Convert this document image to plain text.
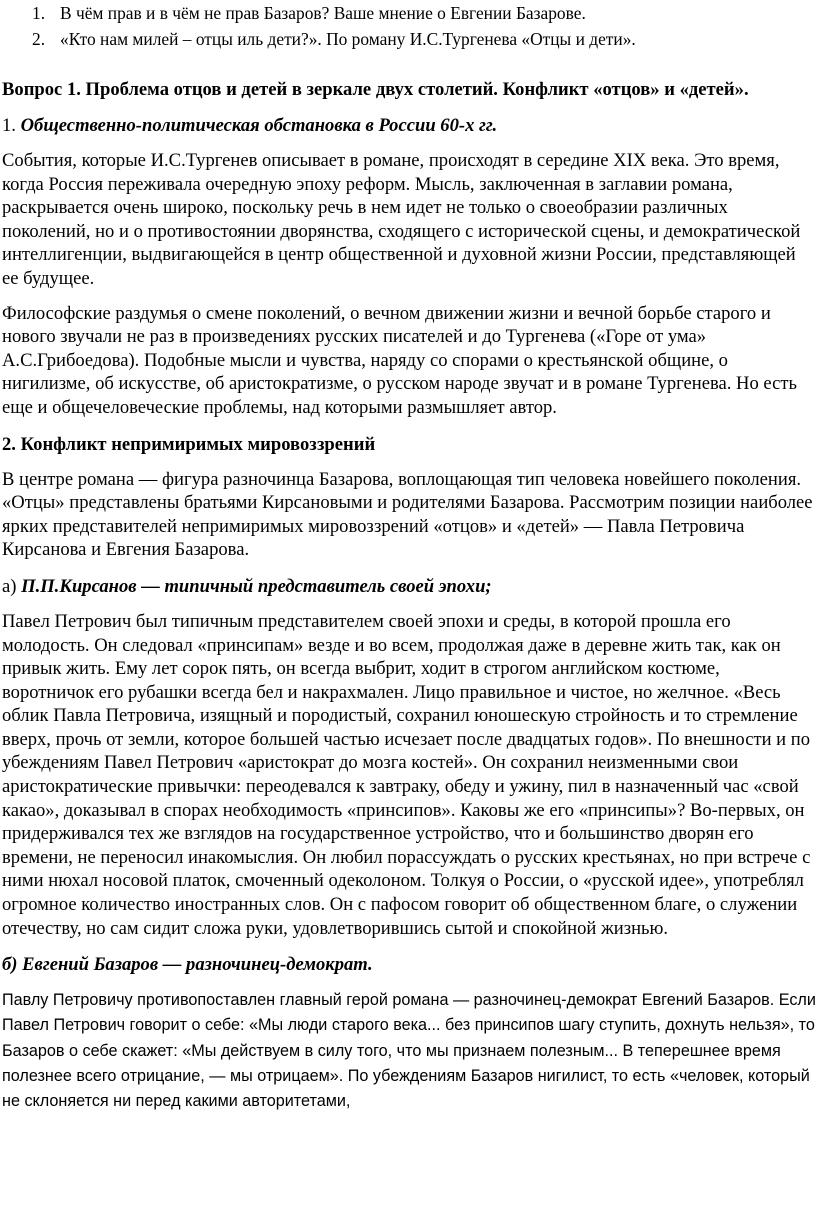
1. В чём прав и в чём не прав Базаров? Ваше мнение о Евгении Базарове.
2. «Кто нам милей – отцы иль дети?». По роману И.С.Тургенева «Отцы и дети».

Вопрос 1. Проблема отцов и детей в зеркале двух столетий. Конфликт «отцов» и «детей».

1. Общественно-политическая обстановка в России 60-х гг.

События, которые И.С.Тургенев описывает в романе, происходят в середине XIX века. Это время, когда Россия переживала очередную эпоху реформ. Мысль, заключенная в заглавии романа, раскрывается очень широко, поскольку речь в нем идет не только о своеобразии различных поколений, но и о противостоянии дворянства, сходящего с исторической сцены, и демократической интеллигенции, выдвигающейся в центр общественной и духовной жизни России, представляющей ее будущее.

Философские раздумья о смене поколений, о вечном движении жизни и вечной борьбе старого и нового звучали не раз в произведениях русских писателей и до Тургенева («Горе от ума» А.С.Грибоедова). Подобные мысли и чувства, наряду со спорами о крестьянской общине, о нигилизме, об искусстве, об аристократизме, о русском народе звучат и в романе Тургенева. Но есть еще и общечеловеческие проблемы, над которыми размышляет автор.

2. Конфликт непримиримых мировоззрений

В центре романа — фигура разночинца Базарова, воплощающая тип человека новейшего поколения. «Отцы» представлены братьями Кирсановыми и родителями Базарова. Рассмотрим позиции наиболее ярких представителей непримиримых мировоззрений «отцов» и «детей» — Павла Петровича Кирсанова и Евгения Базарова.

а) П.П.Кирсанов — типичный представитель своей эпохи;

Павел Петрович был типичным представителем своей эпохи и среды, в которой прошла его молодость. Он следовал «принсипам» везде и во всем, продолжая даже в деревне жить так, как он привык жить. Ему лет сорок пять, он всегда выбрит, ходит в строгом английском костюме, воротничок его рубашки всегда бел и накрахмален. Лицо правильное и чистое, но желчное. «Весь облик Павла Петровича, изящный и породистый, сохранил юношескую стройность и то стремление вверх, прочь от земли, которое большей частью исчезает после двадцатых годов». По внешности и по убеждениям Павел Петрович «аристократ до мозга костей». Он сохранил неизменными свои аристократические привычки: переодевался к завтраку, обеду и ужину, пил в назначенный час «свой какао», доказывал в спорах необходимость «принсипов». Каковы же его «принсипы»? Во-первых, он придерживался тех же взглядов на государственное устройство, что и большинство дворян его времени, не переносил инакомыслия. Он любил порассуждать о русских крестьянах, но при встрече с ними нюхал носовой платок, смоченный одеколоном. Толкуя о России, о «русской идее», употреблял огромное количество иностранных слов. Он с пафосом говорит об общественном благе, о служении отечеству, но сам сидит сложа руки, удовлетворившись сытой и спокойной жизнью.

б) Евгений Базаров — разночинец-демократ.

Павлу Петровичу противопоставлен главный герой романа — разночинец-демократ Евгений Базаров. Если Павел Петрович говорит о себе: «Мы люди старого века... без принсипов шагу ступить, дохнуть нельзя», то Базаров о себе скажет: «Мы действуем в силу того, что мы признаем полезным... В теперешнее время полезнее всего отрицание, — мы отрицаем». По убеждениям Базаров нигилист, то есть «человек, который не склоняется ни перед какими авторитетами,
